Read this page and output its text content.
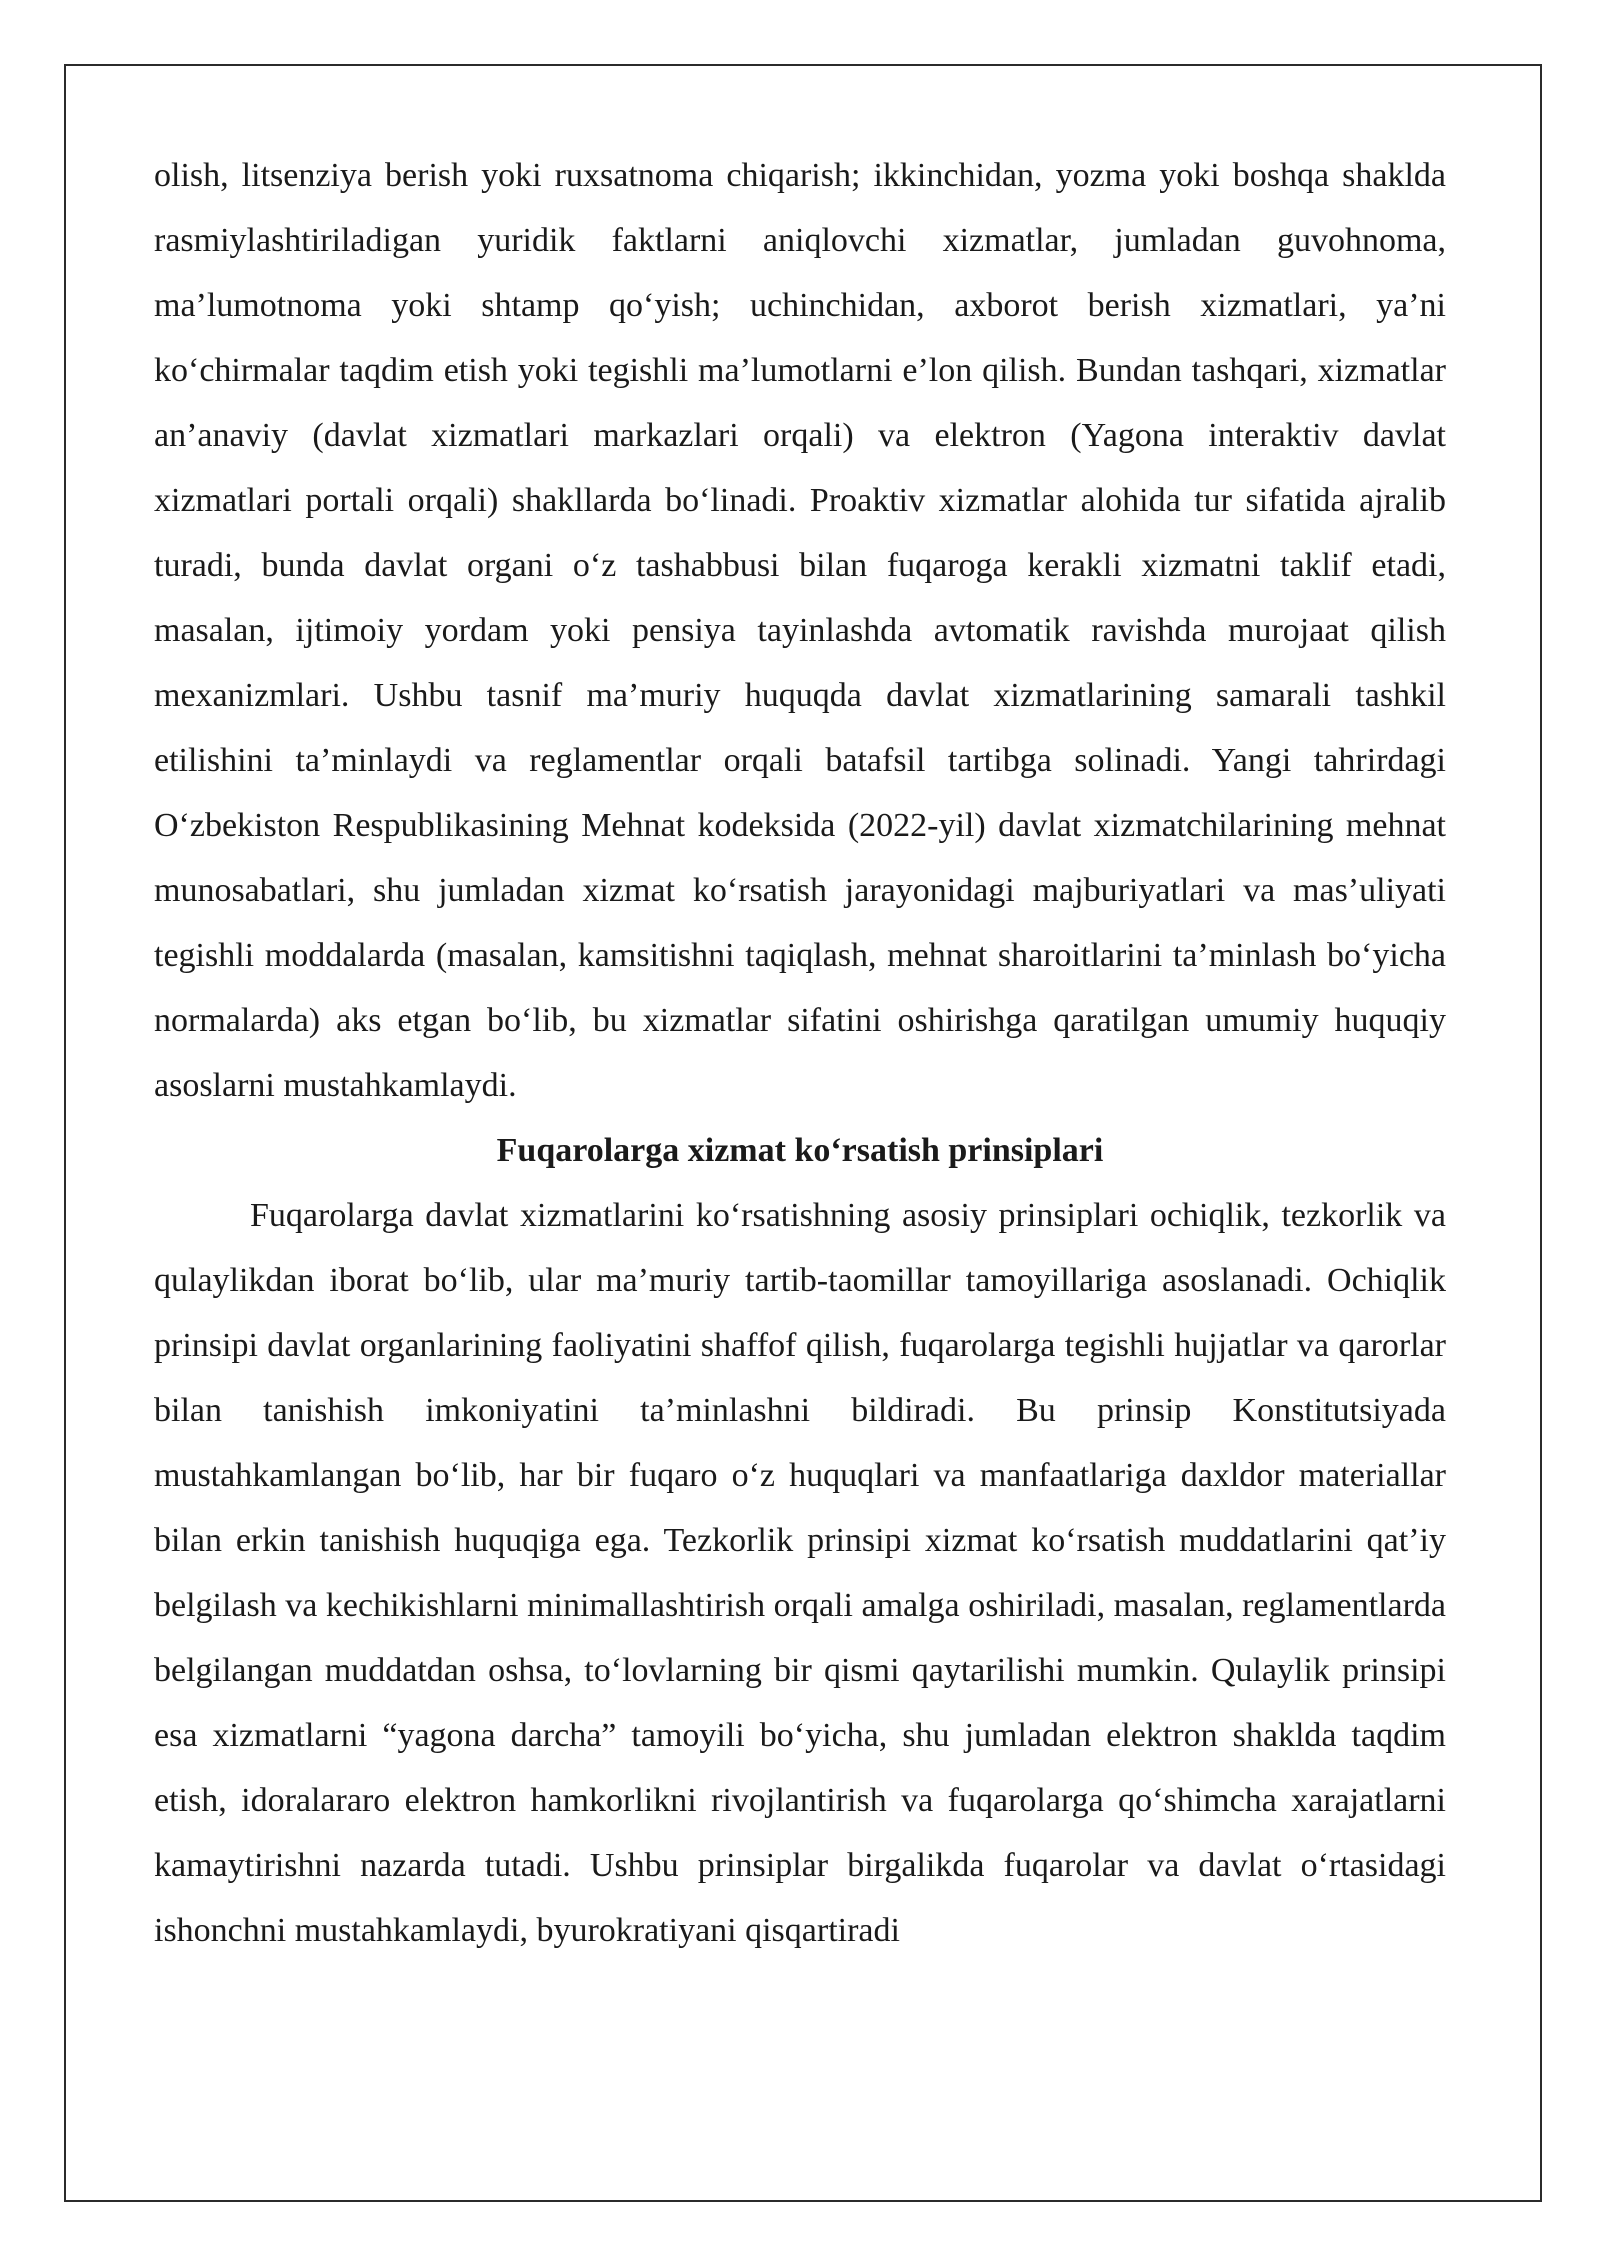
olish, litsenziya berish yoki ruxsatnoma chiqarish; ikkinchidan, yozma yoki boshqa shaklda rasmiylashtiriladigan yuridik faktlarni aniqlovchi xizmatlar, jumladan guvohnoma, ma’lumotnoma yoki shtamp qo‘yish; uchinchidan, axborot berish xizmatlari, ya’ni ko‘chirmalar taqdim etish yoki tegishli ma’lumotlarni e’lon qilish. Bundan tashqari, xizmatlar an’anaviy (davlat xizmatlari markazlari orqali) va elektron (Yagona interaktiv davlat xizmatlari portali orqali) shakllarda bo‘linadi. Proaktiv xizmatlar alohida tur sifatida ajralib turadi, bunda davlat organi o‘z tashabbusi bilan fuqaroga kerakli xizmatni taklif etadi, masalan, ijtimoiy yordam yoki pensiya tayinlashda avtomatik ravishda murojaat qilish mexanizmlari. Ushbu tasnif ma’muriy huquqda davlat xizmatlarining samarali tashkil etilishini ta’minlaydi va reglamentlar orqali batafsil tartibga solinadi. Yangi tahrirdagi O‘zbekiston Respublikasining Mehnat kodeksida (2022-yil) davlat xizmatchilarining mehnat munosabatlari, shu jumladan xizmat ko‘rsatish jarayonidagi majburiyatlari va mas’uliyati tegishli moddalarda (masalan, kamsitishni taqiqlash, mehnat sharoitlarini ta’minlash bo‘yicha normalarda) aks etgan bo‘lib, bu xizmatlar sifatini oshirishga qaratilgan umumiy huquqiy asoslarni mustahkamlaydi.

Fuqarolarga xizmat ko‘rsatish prinsiplari

Fuqarolarga davlat xizmatlarini ko‘rsatishning asosiy prinsiplari ochiqlik, tezkorlik va qulaylikdan iborat bo‘lib, ular ma’muriy tartib-taomillar tamoyillariga asoslanadi. Ochiqlik prinsipi davlat organlarining faoliyatini shaffof qilish, fuqarolarga tegishli hujjatlar va qarorlar bilan tanishish imkoniyatini ta’minlashni bildiradi. Bu prinsip Konstitutsiyada mustahkamlangan bo‘lib, har bir fuqaro o‘z huquqlari va manfaatlariga daxldor materiallar bilan erkin tanishish huquqiga ega. Tezkorlik prinsipi xizmat ko‘rsatish muddatlarini qat’iy belgilash va kechikishlarni minimallashtirish orqali amalga oshiriladi, masalan, reglamentlarda belgilangan muddatdan oshsa, to‘lovlarning bir qismi qaytarilishi mumkin. Qulaylik prinsipi esa xizmatlarni “yagona darcha” tamoyili bo‘yicha, shu jumladan elektron shaklda taqdim etish, idoralararo elektron hamkorlikni rivojlantirish va fuqarolarga qo‘shimcha xarajatlarni kamaytirishni nazarda tutadi. Ushbu prinsiplar birgalikda fuqarolar va davlat o‘rtasidagi ishonchni mustahkamlaydi, byurokratiyani qisqartiradi
